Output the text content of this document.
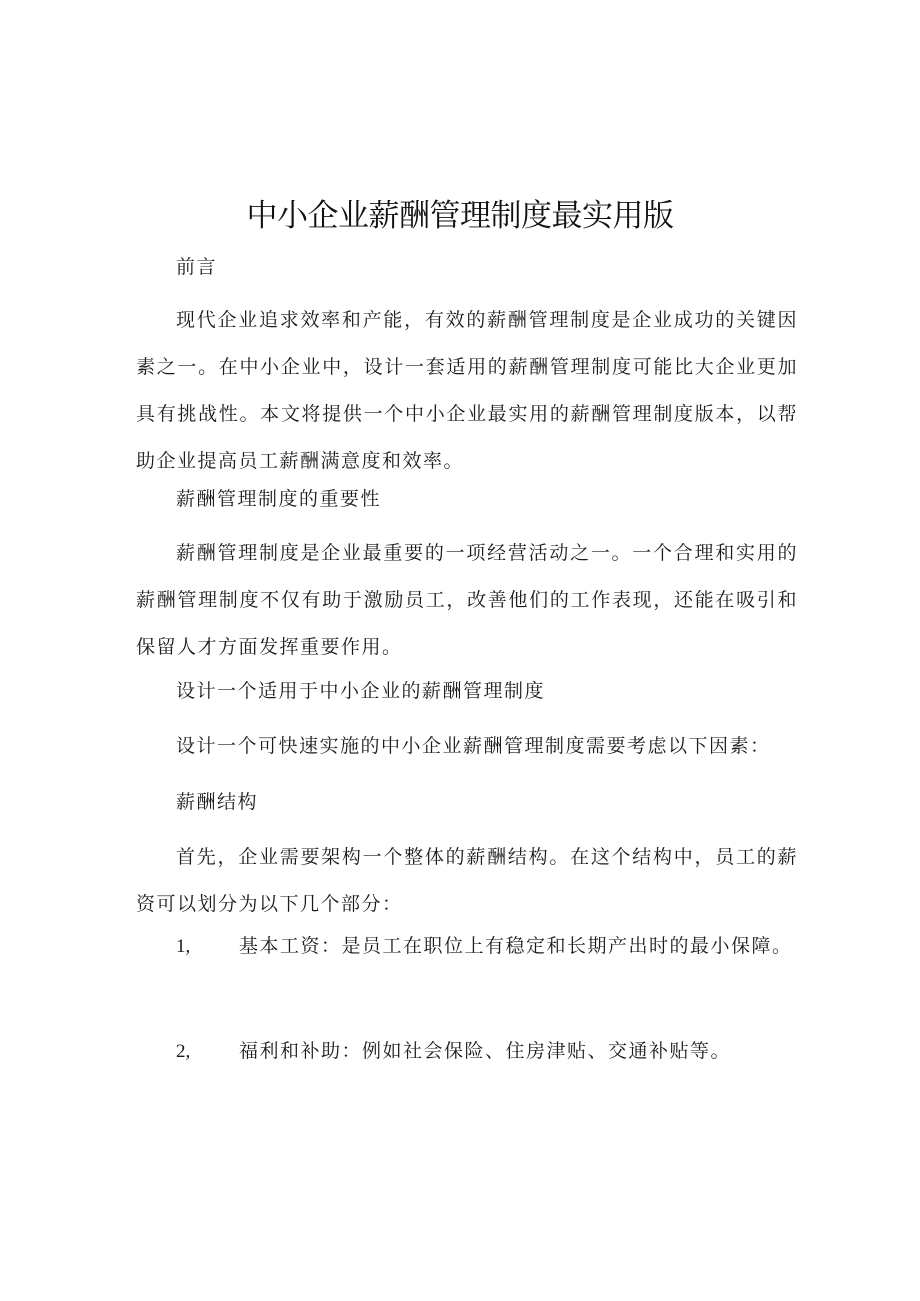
中小企业薪酬管理制度最实用版

前言

现代企业追求效率和产能，有效的薪酬管理制度是企业成功的关键因素之一。在中小企业中，设计一套适用的薪酬管理制度可能比大企业更加具有挑战性。本文将提供一个中小企业最实用的薪酬管理制度版本，以帮助企业提高员工薪酬满意度和效率。

薪酬管理制度的重要性

薪酬管理制度是企业最重要的一项经营活动之一。一个合理和实用的薪酬管理制度不仅有助于激励员工，改善他们的工作表现，还能在吸引和保留人才方面发挥重要作用。

设计一个适用于中小企业的薪酬管理制度

设计一个可快速实施的中小企业薪酬管理制度需要考虑以下因素：

薪酬结构

首先，企业需要架构一个整体的薪酬结构。在这个结构中，员工的薪资可以划分为以下几个部分：

1,	基本工资：是员工在职位上有稳定和长期产出时的最小保障。

2,	福利和补助：例如社会保险、住房津贴、交通补贴等。
